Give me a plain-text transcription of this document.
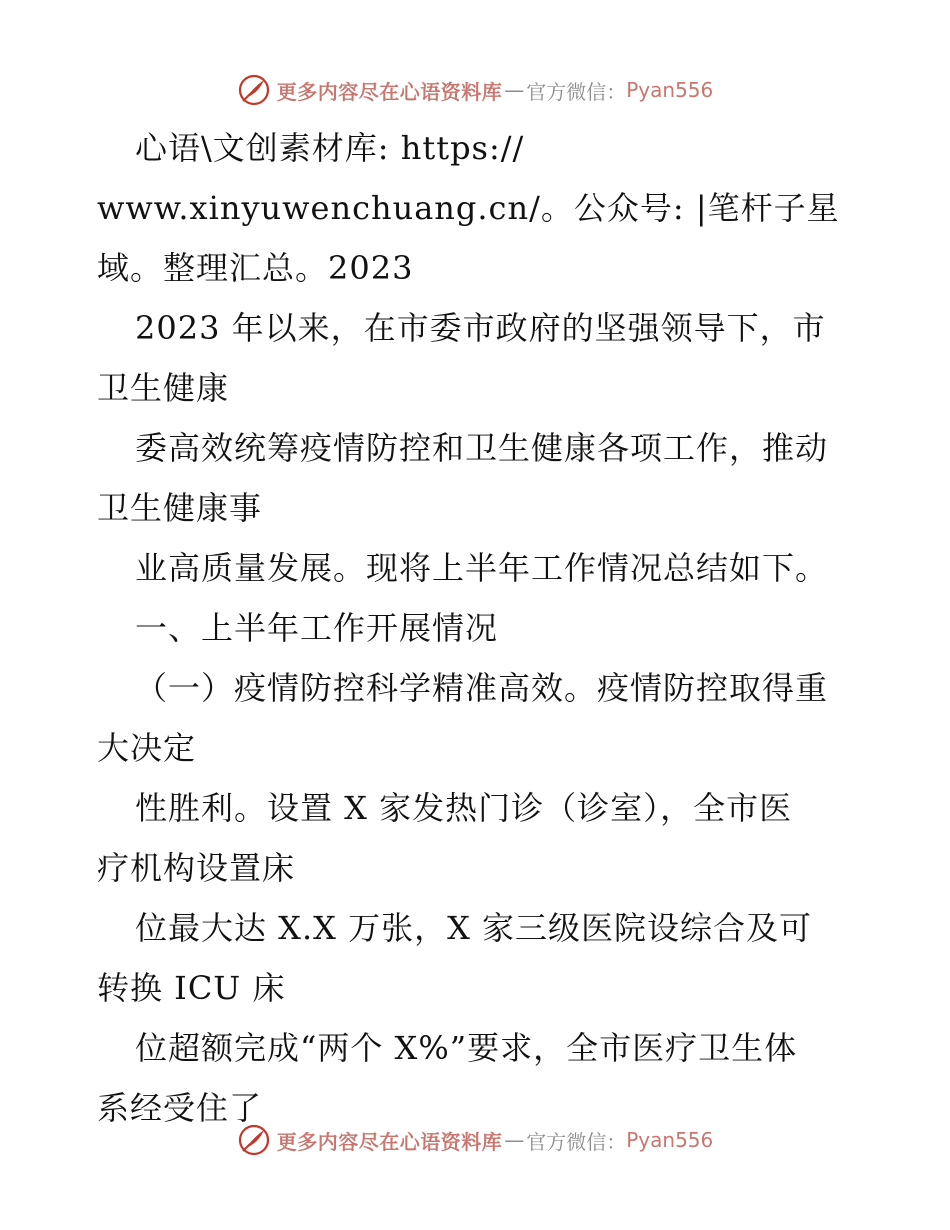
更多内容尽在心语资料库 — 官方微信： Pyan556

心语\文创素材库: https://

www.xinyuwenchuang.cn/。公众号: |笔杆子星

域。整理汇总。2023

2023 年以来，在市委市政府的坚强领导下，市

卫生健康

委高效统筹疫情防控和卫生健康各项工作，推动

卫生健康事

业高质量发展。现将上半年工作情况总结如下。

一、上半年工作开展情况

（一）疫情防控科学精准高效。疫情防控取得重

大决定

性胜利。设置 X 家发热门诊（诊室），全市医

疗机构设置床

位最大达 X.X 万张，X 家三级医院设综合及可

转换 ICU 床

位超额完成“两个 X%”要求，全市医疗卫生体

系经受住了

更多内容尽在心语资料库 — 官方微信： Pyan556
